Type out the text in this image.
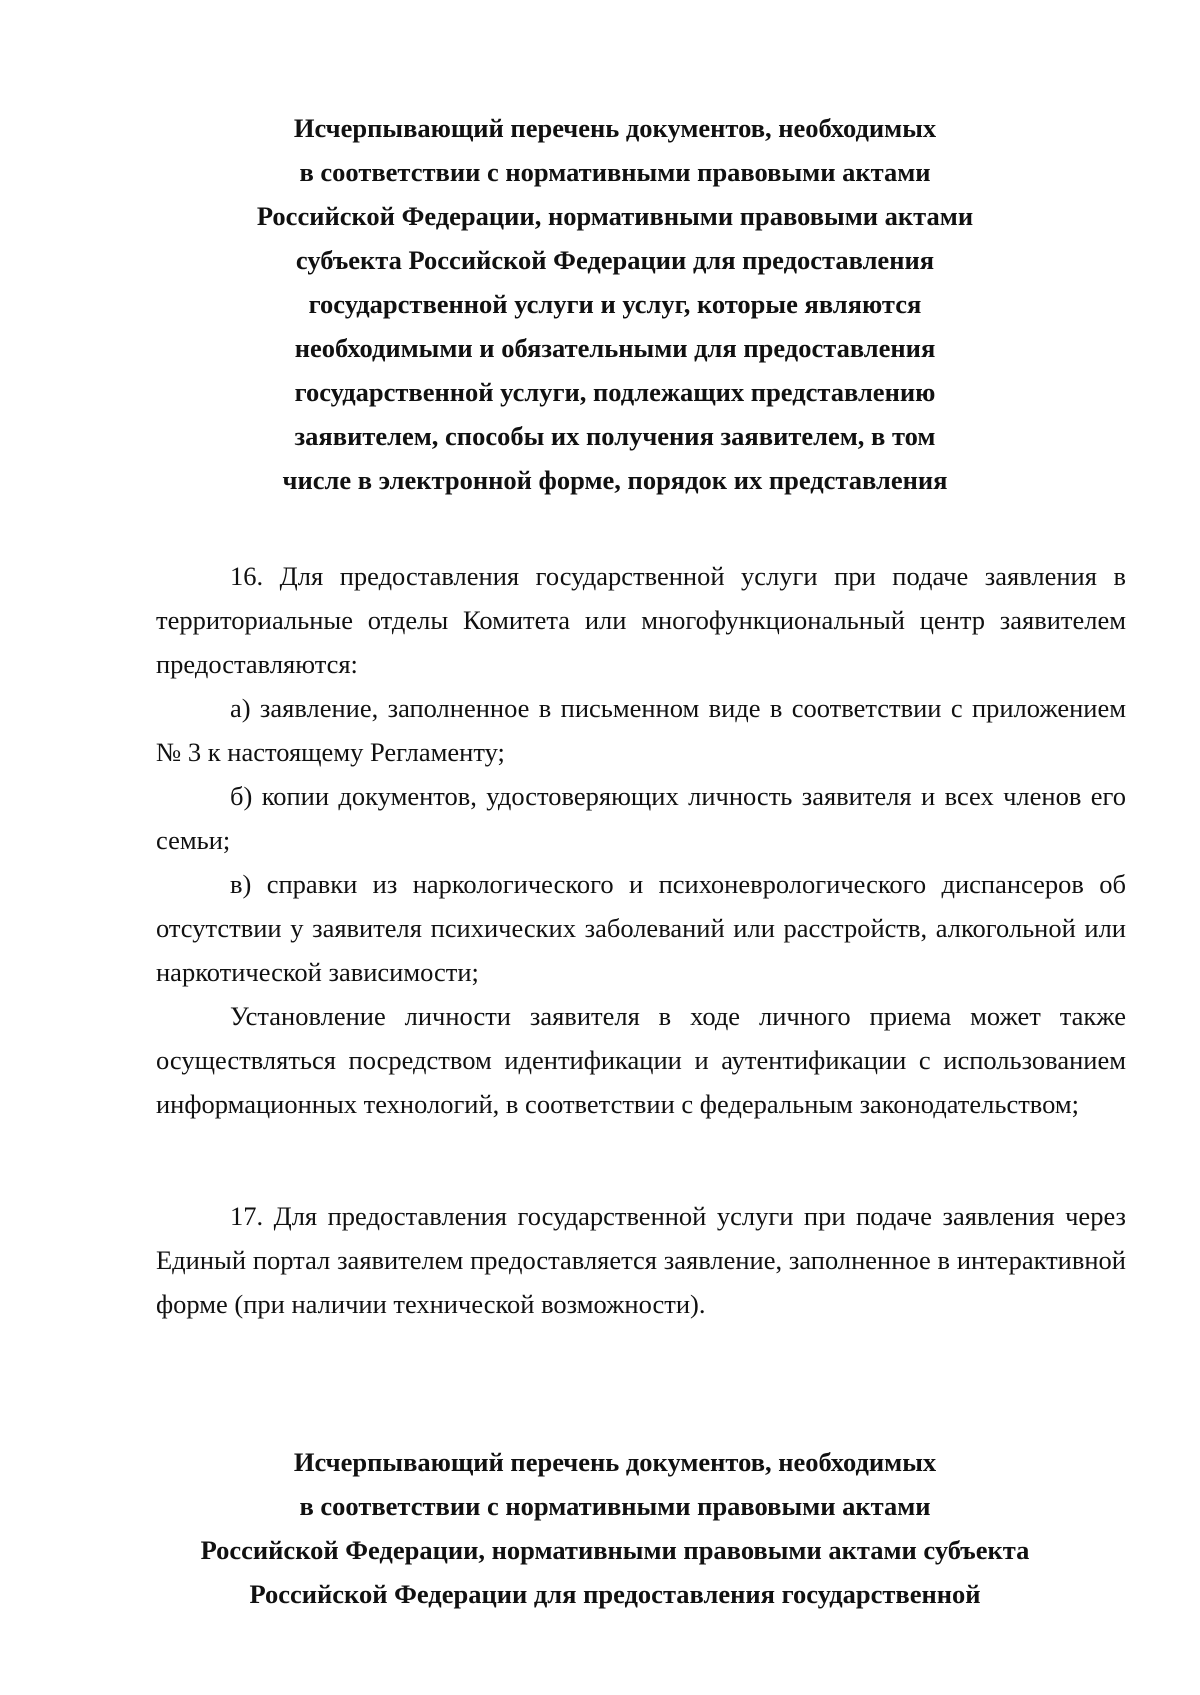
Исчерпывающий перечень документов, необходимых
в соответствии с нормативными правовыми актами
Российской Федерации, нормативными правовыми актами
субъекта Российской Федерации для предоставления
государственной услуги и услуг, которые являются
необходимыми и обязательными для предоставления
государственной услуги, подлежащих представлению
заявителем, способы их получения заявителем, в том
числе в электронной форме, порядок их представления

16. Для предоставления государственной услуги при подаче заявления в территориальные отделы Комитета или многофункциональный центр заявителем предоставляются:

а) заявление, заполненное в письменном виде в соответствии с приложением № 3 к настоящему Регламенту;

б) копии документов, удостоверяющих личность заявителя и всех членов его семьи;

в) справки из наркологического и психоневрологического диспансеров об отсутствии у заявителя психических заболеваний или расстройств, алкогольной или наркотической зависимости;

Установление личности заявителя в ходе личного приема может также осуществляться посредством идентификации и аутентификации с использованием информационных технологий, в соответствии с федеральным законодательством;

17. Для предоставления государственной услуги при подаче заявления через Единый портал заявителем предоставляется заявление, заполненное в интерактивной форме (при наличии технической возможности).

Исчерпывающий перечень документов, необходимых
в соответствии с нормативными правовыми актами
Российской Федерации, нормативными правовыми актами субъекта
Российской Федерации для предоставления государственной
